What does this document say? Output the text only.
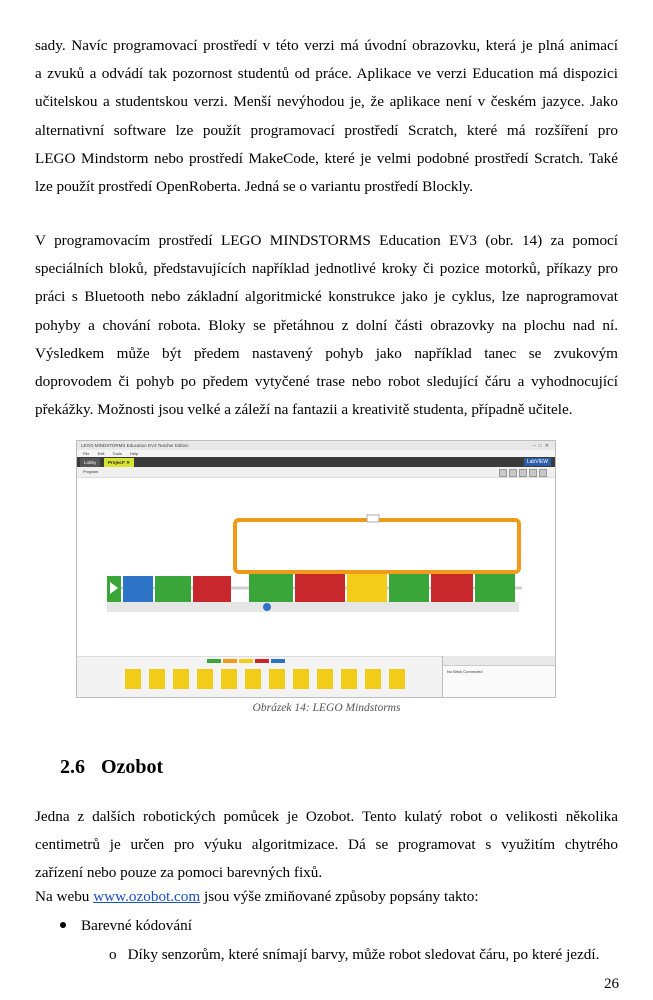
sady. Navíc programovací prostředí v této verzi má úvodní obrazovku, která je plná animací
a zvuků a odvádí tak pozornost studentů od práce. Aplikace ve verzi Education má dispozici
učitelskou a studentskou verzi. Menší nevýhodou je, že aplikace není v českém jazyce. Jako
alternativní software lze použít programovací prostředí Scratch, které má rozšíření pro
LEGO Mindstorm nebo prostředí MakeCode, které je velmi podobné prostředí Scratch. Také
lze použít prostředí OpenRoberta. Jedná se o variantu prostředí Blockly.
V programovacím prostředí LEGO MINDSTORMS Education EV3 (obr. 14) za pomocí
speciálních bloků, představujících například jednotlivé kroky či pozice motorků, příkazy pro
práci s Bluetooth nebo základní algoritmické konstrukce jako je cyklus, lze naprogramovat
pohyby a chování robota. Bloky se přetáhnou z dolní části obrazovky na plochu nad ní.
Výsledkem může být předem nastavený pohyb jako například tanec se zvukovým
doprovodem či pohyb po předem vytyčené trase nebo robot sledující čáru a vyhodnocující
překážky. Možnosti jsou velké a záleží na fantazii a kreativitě studenta, případně učitele.
LEGO MINDSTORMS Education EV3 Teacher Edition	–□✕
File Edit Tools Help
Lobby	Project* ✕	LabVIEW
Program
No Brick Connected
Obrázek 14: LEGO Mindstorms
2.6 Ozobot
Jedna z dalších robotických pomůcek je Ozobot. Tento kulatý robot o velikosti několika
centimetrů je určen pro výuku algoritmizace. Dá se programovat s využitím chytrého
zařízení nebo pouze za pomoci barevných fixů.
Na webu www.ozobot.com jsou výše zmiňované způsoby popsány takto:
Barevné kódování
o Díky senzorům, které snímají barvy, může robot sledovat čáru, po které jezdí.
26
